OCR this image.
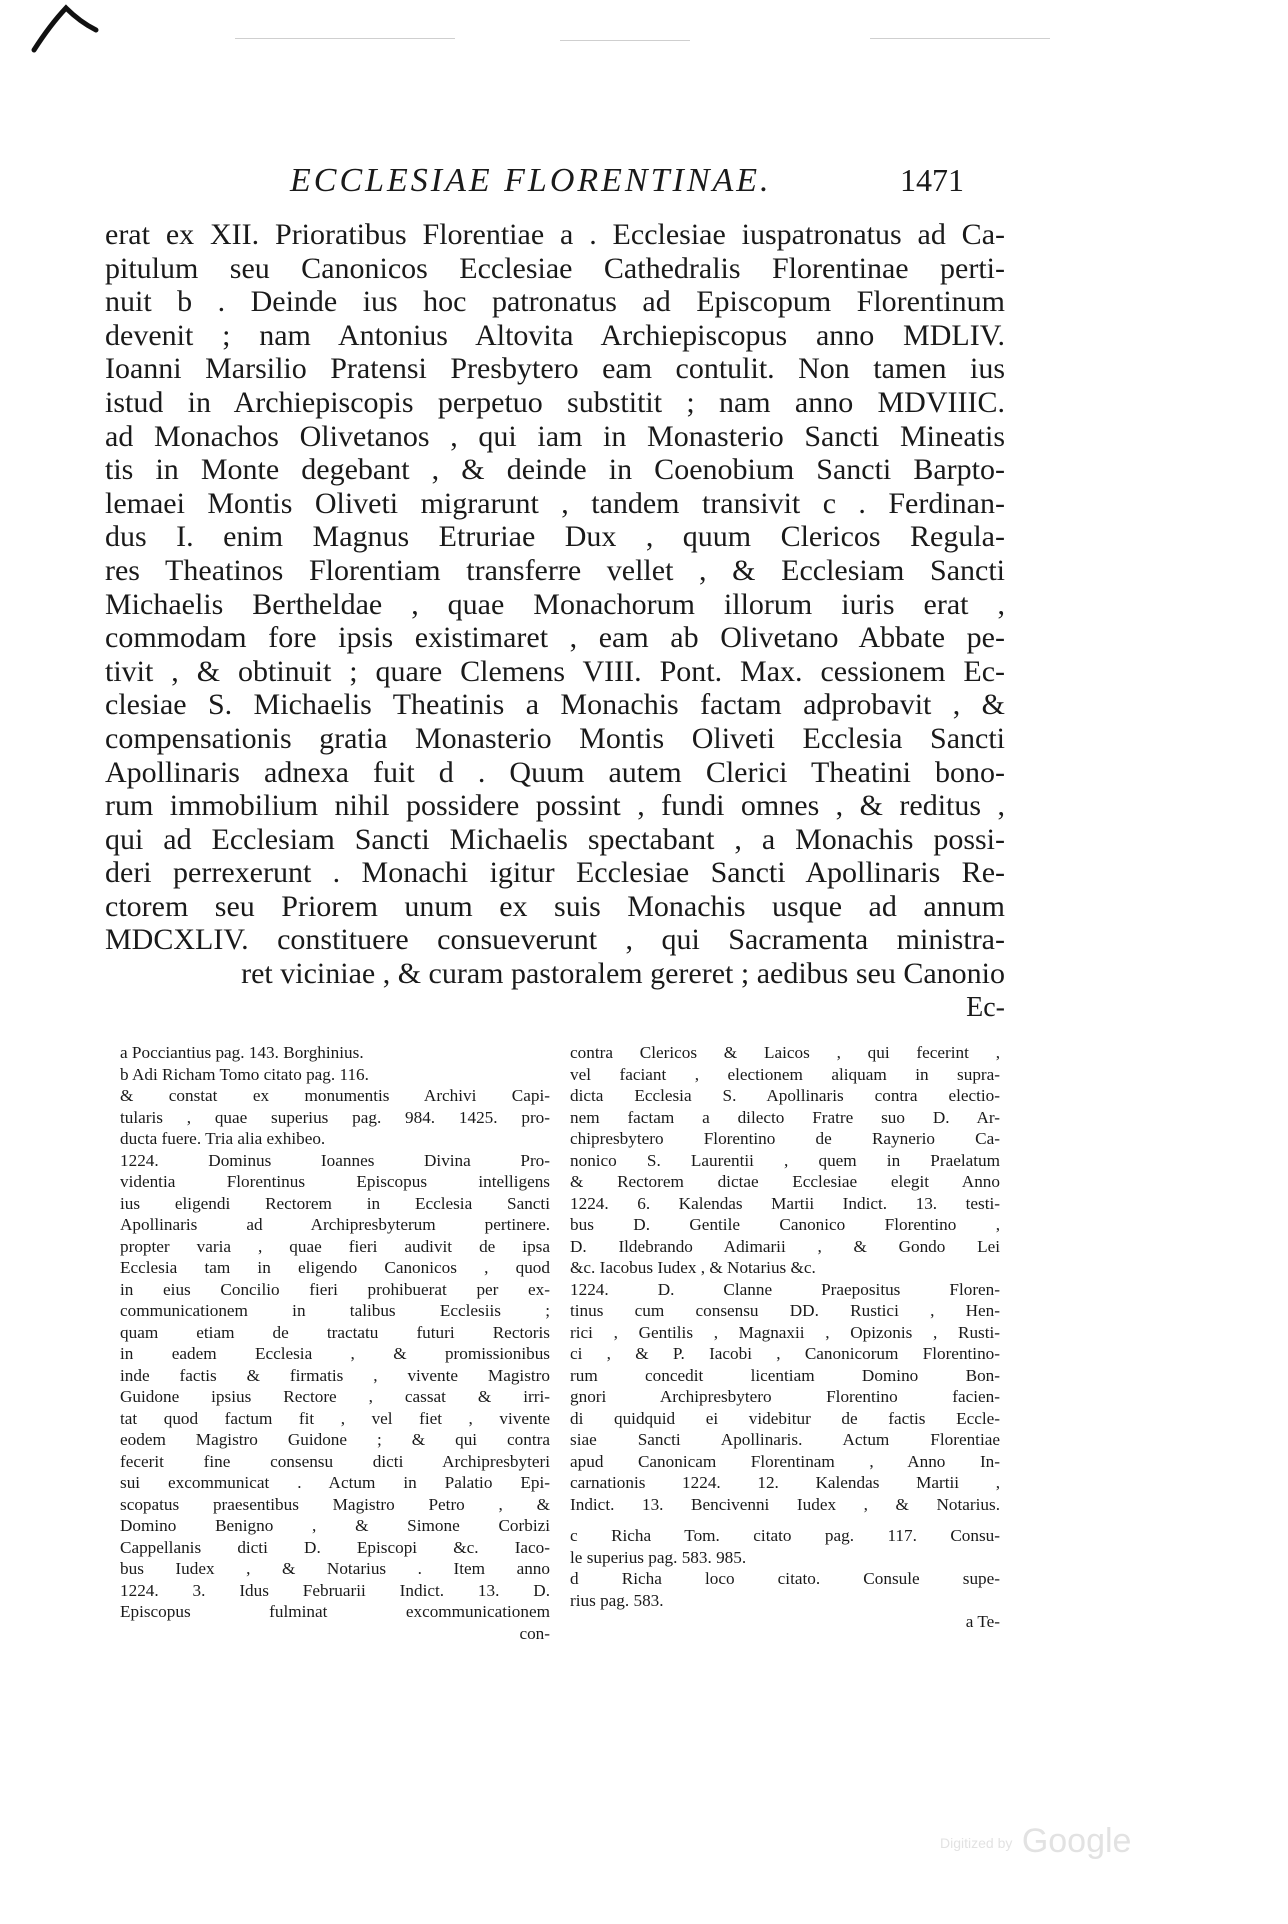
ECCLESIAE FLORENTINAE.	1471
erat ex XII. Prioratibus Florentiae a . Ecclesiae iuspatronatus ad Ca-
pitulum seu Canonicos Ecclesiae Cathedralis Florentinae perti-
nuit b . Deinde ius hoc patronatus ad Episcopum Florentinum
devenit ; nam Antonius Altovita Archiepiscopus anno MDLIV.
Ioanni Marsilio Pratensi Presbytero eam contulit. Non tamen ius
istud in Archiepiscopis perpetuo substitit ; nam anno MDVIIIC.
ad Monachos Olivetanos , qui iam in Monasterio Sancti Mineatis
tis in Monte degebant , & deinde in Coenobium Sancti Barpto-
lemaei Montis Oliveti migrarunt , tandem transivit c . Ferdinan-
dus I. enim Magnus Etruriae Dux , quum Clericos Regula-
res Theatinos Florentiam transferre vellet , & Ecclesiam Sancti
Michaelis Bertheldae , quae Monachorum illorum iuris erat ,
commodam fore ipsis existimaret , eam ab Olivetano Abbate pe-
tivit , & obtinuit ; quare Clemens VIII. Pont. Max. cessionem Ec-
clesiae S. Michaelis Theatinis a Monachis factam adprobavit , &
compensationis gratia Monasterio Montis Oliveti Ecclesia Sancti
Apollinaris adnexa fuit d . Quum autem Clerici Theatini bono-
rum immobilium nihil possidere possint , fundi omnes , & reditus ,
qui ad Ecclesiam Sancti Michaelis spectabant , a Monachis possi-
deri perrexerunt . Monachi igitur Ecclesiae Sancti Apollinaris Re-
ctorem seu Priorem unum ex suis Monachis usque ad annum
MDCXLIV. constituere consueverunt , qui Sacramenta ministra-
ret viciniae , & curam pastoralem gereret ; aedibus seu Canonio
Ec-
a Pocciantius pag. 143. Borghinius.
b Adi Richam Tomo citato pag. 116.
& constat ex monumentis Archivi Capi-
tularis , quae superius pag. 984. 1425. pro-
ducta fuere. Tria alia exhibeo.
1224. Dominus Ioannes Divina Pro-
videntia Florentinus Episcopus intelligens
ius eligendi Rectorem in Ecclesia Sancti
Apollinaris ad Archipresbyterum pertinere.
propter varia , quae fieri audivit de ipsa
Ecclesia tam in eligendo Canonicos , quod
in eius Concilio fieri prohibuerat per ex-
communicationem in talibus Ecclesiis ;
quam etiam de tractatu futuri Rectoris
in eadem Ecclesia , & promissionibus
inde factis & firmatis , vivente Magistro
Guidone ipsius Rectore , cassat & irri-
tat quod factum fit , vel fiet , vivente
eodem Magistro Guidone ; & qui contra
fecerit fine consensu dicti Archipresbyteri
sui excommunicat . Actum in Palatio Epi-
scopatus praesentibus Magistro Petro , &
Domino Benigno , & Simone Corbizi
Cappellanis dicti D. Episcopi &c. Iaco-
bus Iudex , & Notarius . Item anno
1224. 3. Idus Februarii Indict. 13. D.
Episcopus fulminat excommunicationem
con-
contra Clericos & Laicos , qui fecerint ,
vel faciant , electionem aliquam in supra-
dicta Ecclesia S. Apollinaris contra electio-
nem factam a dilecto Fratre suo D. Ar-
chipresbytero Florentino de Raynerio Ca-
nonico S. Laurentii , quem in Praelatum
& Rectorem dictae Ecclesiae elegit Anno
1224. 6. Kalendas Martii Indict. 13. testi-
bus D. Gentile Canonico Florentino ,
D. Ildebrando Adimarii , & Gondo Lei
&c. Iacobus Iudex , & Notarius &c.
1224. D. Clanne Praepositus Floren-
tinus cum consensu DD. Rustici , Hen-
rici , Gentilis , Magnaxii , Opizonis , Rusti-
ci , & P. Iacobi , Canonicorum Florentino-
rum concedit licentiam Domino Bon-
gnori Archipresbytero Florentino facien-
di quidquid ei videbitur de factis Eccle-
siae Sancti Apollinaris. Actum Florentiae
apud Canonicam Florentinam , Anno In-
carnationis 1224. 12. Kalendas Martii ,
Indict. 13. Bencivenni Iudex , & Notarius.
c Richa Tom. citato pag. 117. Consu-
le superius pag. 583. 985.
d Richa loco citato. Consule supe-
rius pag. 583.
a Te-
Digitized by Google
